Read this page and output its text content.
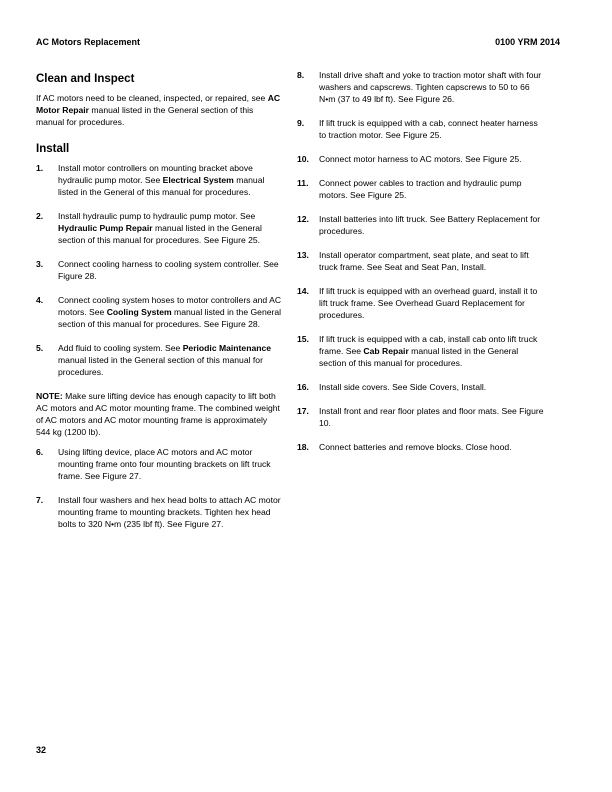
AC Motors Replacement	0100 YRM 2014
Clean and Inspect

If AC motors need to be cleaned, inspected, or repaired, see AC Motor Repair manual listed in the General section of this manual for procedures.

Install
1. Install motor controllers on mounting bracket above hydraulic pump motor. See Electrical System manual listed in the General of this manual for procedures.
2. Install hydraulic pump to hydraulic pump motor. See Hydraulic Pump Repair manual listed in the General section of this manual for procedures. See Figure 25.
3. Connect cooling harness to cooling system controller. See Figure 28.
4. Connect cooling system hoses to motor controllers and AC motors. See Cooling System manual listed in the General section of this manual for procedures. See Figure 28.
5. Add fluid to cooling system. See Periodic Maintenance manual listed in the General section of this manual for procedures.

NOTE: Make sure lifting device has enough capacity to lift both AC motors and AC motor mounting frame. The combined weight of AC motors and AC motor mounting frame is approximately 544 kg (1200 lb).

6. Using lifting device, place AC motors and AC motor mounting frame onto four mounting brackets on lift truck frame. See Figure 27.
7. Install four washers and hex head bolts to attach AC motor mounting frame to mounting brackets. Tighten hex head bolts to 320 N•m (235 lbf ft). See Figure 27.
8. Install drive shaft and yoke to traction motor shaft with four washers and capscrews. Tighten capscrews to 50 to 66 N•m (37 to 49 lbf ft). See Figure 26.
9. If lift truck is equipped with a cab, connect heater harness to traction motor. See Figure 25.
10. Connect motor harness to AC motors. See Figure 25.
11. Connect power cables to traction and hydraulic pump motors. See Figure 25.
12. Install batteries into lift truck. See Battery Replacement for procedures.
13. Install operator compartment, seat plate, and seat to lift truck frame. See Seat and Seat Pan, Install.
14. If lift truck is equipped with an overhead guard, install it to lift truck frame. See Overhead Guard Replacement for procedures.
15. If lift truck is equipped with a cab, install cab onto lift truck frame. See Cab Repair manual listed in the General section of this manual for procedures.
16. Install side covers. See Side Covers, Install.
17. Install front and rear floor plates and floor mats. See Figure 10.
18. Connect batteries and remove blocks. Close hood.
32
